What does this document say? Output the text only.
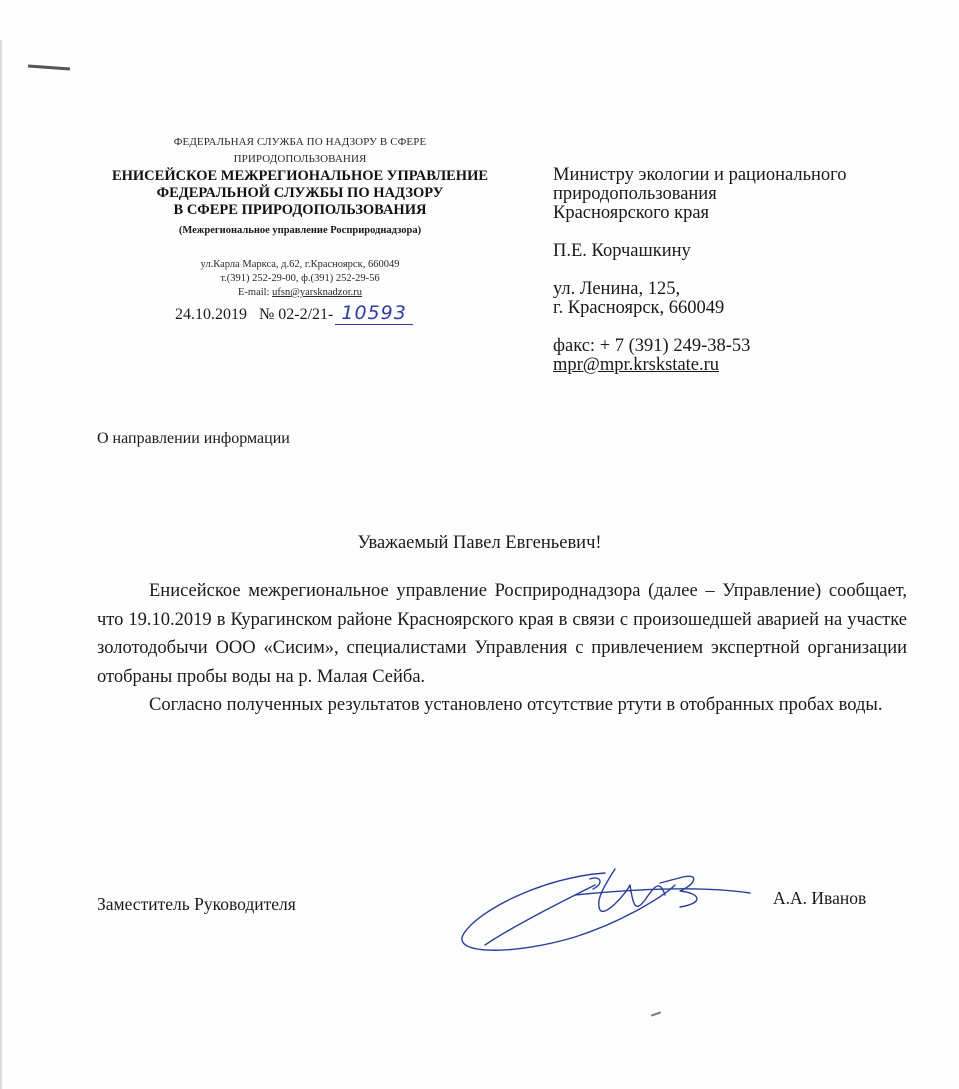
ФЕДЕРАЛЬНАЯ СЛУЖБА ПО НАДЗОРУ В СФЕРЕ
ПРИРОДОПОЛЬЗОВАНИЯ
ЕНИСЕЙСКОЕ МЕЖРЕГИОНАЛЬНОЕ УПРАВЛЕНИЕ
ФЕДЕРАЛЬНОЙ СЛУЖБЫ ПО НАДЗОРУ
В СФЕРЕ ПРИРОДОПОЛЬЗОВАНИЯ
(Межрегиональное управление Росприроднадзора)
ул.Карла Маркса, д.62, г.Красноярск, 660049
т.(391) 252-29-00, ф.(391) 252-29-56
E-mail: ufsn@yarsknadzor.ru
24.10.2019 № 02-2/21- 10593
Министру экологии и рационального
природопользования
Красноярского края
П.Е. Корчашкину
ул. Ленина, 125,
г. Красноярск, 660049
факс: + 7 (391) 249-38-53
mpr@mpr.krskstate.ru
О направлении информации
Уважаемый Павел Евгеньевич!

Енисейское межрегиональное управление Росприроднадзора (далее – Управление) сообщает, что 19.10.2019 в Курагинском районе Красноярского края в связи с произошедшей аварией на участке золотодобычи ООО «Сисим», специалистами Управления с привлечением экспертной организации отобраны пробы воды на р. Малая Сейба.

Согласно полученных результатов установлено отсутствие ртути в отобранных пробах воды.

Заместитель Руководителя	А.А. Иванов
